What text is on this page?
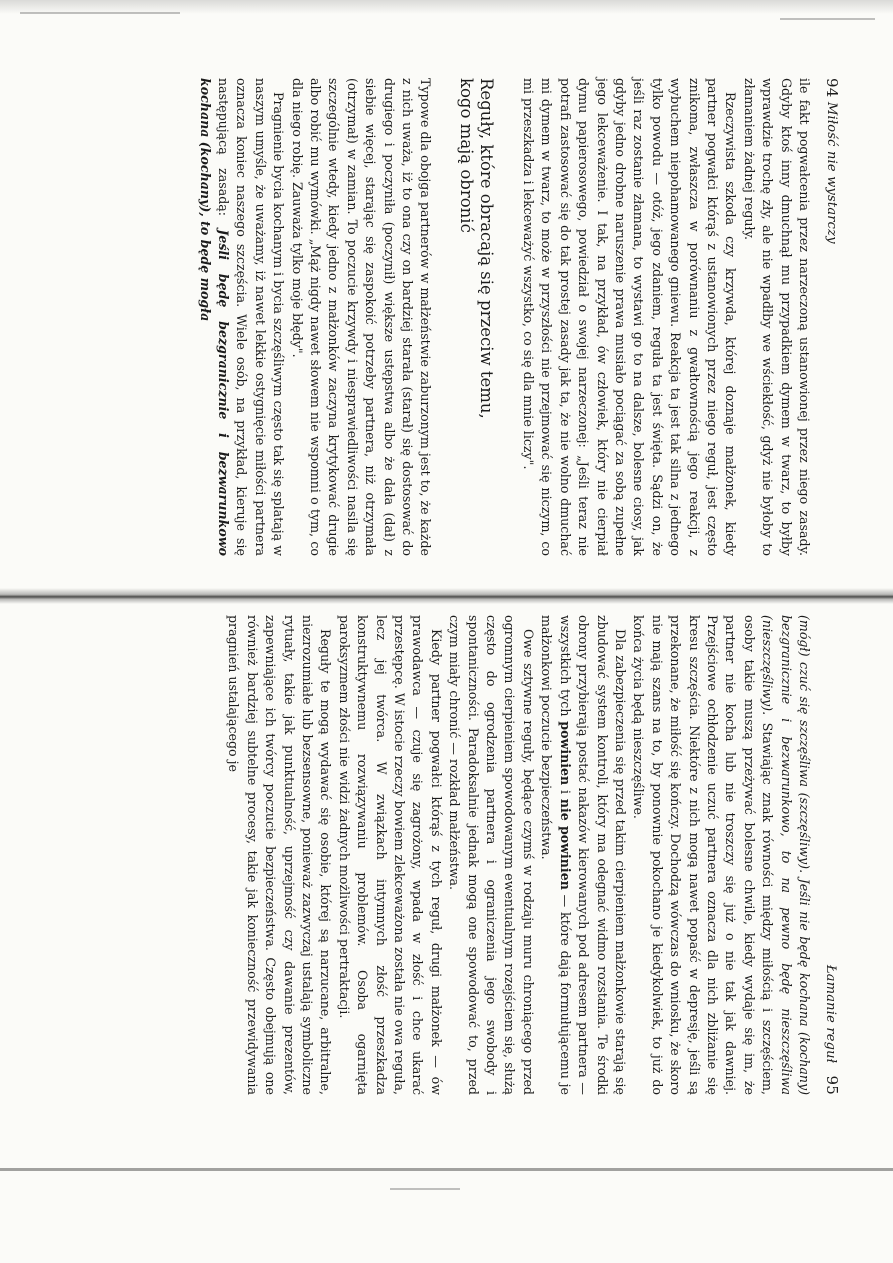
94
Miłość nie wystarczy

ile fakt pogwałcenia przez narzeczoną ustanowionej przez niego zasady. Gdyby ktoś inny dmuchnął mu przypadkiem dymem w twarz, to byłby wprawdzie trochę zły, ale nie wpadłby we wściekłość, gdyż nie byłoby to złamaniem żadnej reguły.

Rzeczywista szkoda czy krzywda, której doznaje małżonek, kiedy partner pogwałci którąś z ustanowionych przez niego reguł, jest często znikoma, zwłaszcza w porównaniu z gwałtownością jego reakcji, z wybuchem niepohamowanego gniewu. Reakcja ta jest tak silna z jednego tylko powodu — otóż, jego zdaniem, reguła ta jest święta. Sądzi on, że jeśli raz zostanie złamana, to wystawi go to na dalsze, bolesne ciosy, jak gdyby jedno drobne naruszenie prawa musiało pociągać za sobą zupełne jego lekceważenie. I tak, na przykład, ów człowiek, który nie cierpiał dymu papierosowego, powiedział o swojej narzeczonej: „Jeśli teraz nie potrafi zastosować się do tak prostej zasady jak ta, że nie wolno dmuchać mi dymem w twarz, to może w przyszłości nie przejmować się niczym, co mi przeszkadza i lekceważyć wszystko, co się dla mnie liczy".

Reguły, które obracają się przeciw temu,
kogo mają obronić

Typowe dla obojga partnerów w małżeństwie zaburzonym jest to, że każde z nich uważa, iż to ona czy on bardziej starała (starał) się dostosować do drugiego i poczyniła (poczynił) większe ustępstwa albo że dała (dał) z siebie więcej, starając się zaspokoić potrzeby partnera, niż otrzymała (otrzymał) w zamian. To poczucie krzywdy i niesprawiedliwości nasila się szczególnie wtedy, kiedy jedno z małżonków zaczyna krytykować drugie albo robić mu wymówki. „Mąż nigdy nawet słowem nie wspomni o tym, co dla niego robię. Zauważa tylko moje błędy".

Pragnienie bycia kochanym i bycia szczęśliwym często tak się splatają w naszym umyśle, że uważamy, iż nawet lekkie ostygnięcie miłości partnera oznacza koniec naszego szczęścia. Wiele osób, na przykład, kieruje się następującą zasadą: Jeśli będę bezgranicznie i bezwarunkowo kochana (kochany), to będę mogła

Łamanie reguł 95

(mógł) czuć się szczęśliwa (szczęśliwy). Jeśli nie będę kochana (kochany) bezgranicznie i bezwarunkowo, to na pewno będę nieszczęśliwa (nieszczęśliwy). Stawiając znak równości między miłością i szczęściem, osoby takie muszą przeżywać bolesne chwile, kiedy wydaje się im, że partner nie kocha lub nie troszczy się już o nie tak jak dawniej. Przejściowe ochłodzenie uczuć partnera oznacza dla nich zbliżanie się kresu szczęścia. Niektóre z nich mogą nawet popaść w depresję, jeśli są przekonane, że miłość się kończy. Dochodzą wówczas do wniosku, że skoro nie mają szans na to, by ponownie pokochano je kiedykolwiek, to już do końca życia będą nieszczęśliwe.

Dla zabezpieczenia się przed takim cierpieniem małżonkowie starają się zbudować system kontroli, który ma odegnać widmo rozstania. Te środki obrony przybierają postać nakazów kierowanych pod adresem partnera — wszystkich tych powinien i nie powinien — które dają formułującemu je małżonkowi poczucie bezpieczeństwa.

Owe sztywne reguły, będące czymś w rodzaju muru chroniącego przed ogromnym cierpieniem spowodowanym ewentualnym rozejściem się, służą często do ogrodzenia partnera i ograniczenia jego swobody i spontaniczności. Paradoksalnie jednak mogą one spowodować to, przed czym miały chronić — rozkład małżeństwa.

Kiedy partner pogwałci którąś z tych reguł, drugi małżonek — ów prawodawca — czuje się zagrożony, wpada w złość i chce ukarać przestępcę. W istocie rzeczy bowiem zlekceważona została nie owa reguła, lecz jej twórca. W związkach intymnych złość przeszkadza konstruktywnemu rozwiązywaniu problemów. Osoba ogarnięta paroksyzmem złości nie widzi żadnych możliwości pertraktacji.

Reguły te mogą wydawać się osobie, której są narzucane, arbitralne, niezrozumiałe lub bezsensowne, ponieważ zazwyczaj ustalają symboliczne rytuały, takie jak punktualność, uprzejmość czy dawanie prezentów, zapewniające ich twórcy poczucie bezpieczeństwa. Często obejmują one również bardziej subtelne procesy, takie jak konieczność przewidywania pragnień ustalającego je
